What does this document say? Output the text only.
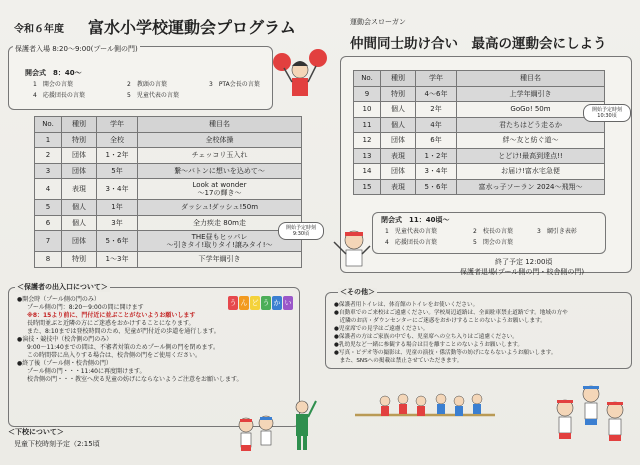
令和６年度 富水小学校運動会プログラム	運動会スローガン
仲間同士助け合い　最高の運動会にしよう
保護者入場 8:20〜9:00(プール側の門)
開会式　8：40〜
1　開会の言葉	2　教頭の言葉	3　PTA会長の言葉
4　応援団長の言葉	5　児童代表の言葉
No.	種別	学年	種目名
1	特別	全校	全校体操
2	団体	1・2年	チェッコリ玉入れ
3	団体	5年	繋〜バトンに想いを込めて〜
4	表現	3・4年	Look at wonder
〜17の輝き〜
5	個人	1年	ダッシュ!ダッシュ!50m
6	個人	3年	全力疾走 80m走
7	団体	5・6年	THE昼もヒッパレ
〜引きタイ!取りタイ!譲みタイ!〜
8	特別	1〜3年	下学年綱引き
開始予定時刻
9:30頃
No.	種別	学年	種目名
9	特別	4〜6年	上学年綱引き
10	個人	2年	GoGo! 50m
11	個人	4年	君たちはどう走るか
12	団体	6年	絆〜友と紡ぐ道〜
13	表現	1・2年	とどけ!最高到達点!!
14	団体	3・4年	お届け!富水宅急便
15	表現	5・6年	富水っ子ソーラン 2024〜飛翔〜
開始予定時刻
10:30頃
閉会式　11：40頃〜
1　児童代表の言葉	2　校長の言葉	3　綱引き表彰
4　応援団長の言葉	5　閉会の言葉
終了予定 12:00頃
保護者退場(プール側の門・校舎側の門)
＜保護者の出入口について＞
●開会時（プール側の門のみ）
プール側の門：8:20〜9:00の間に開けます
※8：15より前に、門付近に並ぶことがないようお願いします
長時間並ぶと近隣の方にご迷惑をおかけすることになります。
また、8:10までは登校時間のため、児童が門付近の歩道を通行します。
●演技・競技中（校舎側の門のみ）
9:00〜11:40までの間は、不審者対策のためプール側の門を閉めます。
この時間帯に出入りする場合は、校舎側の門をご使用ください。
●終了後（プール側・校舎側の門）
プール側の門・・・11:40に再度開けます。
校舎側の門・・・教室へ戻る児童の妨げにならないようご注意をお願いします。
＜下校について＞
児童下校時刻予定（2:15頃
う ん ど う か い
＜その他＞
●保護者用トイレは、体育館のトイレをお使いください。
●自動車でのご来校はご遠慮ください。学校周辺道路は、全面駐車禁止道路です。地域の方や
　近隣のお店・ダウンセンターにご迷惑をおかけすることのないようお願いします。
●児童席での見学はご遠慮ください。
●保護者の方はご家族の中でも、児童席への立ち入りはご遠慮ください。
●乳幼児など一緒に参観する場合は目を離すことのないようお願いします。
●写真・ビデオ等の撮影は、児童の演技・係活動等の妨げにならないようお願いします。
　また、SNSへの掲載は禁止させていただきます。
